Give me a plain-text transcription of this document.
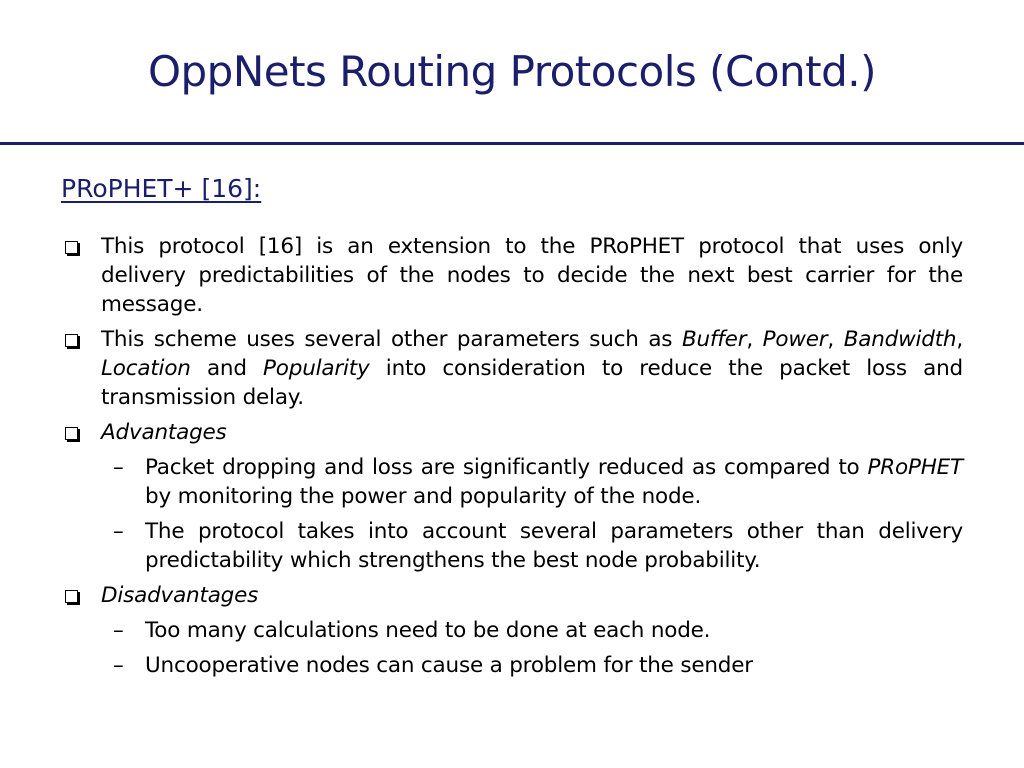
OppNets Routing Protocols (Contd.)
PRoPHET+ [16]:
This protocol [16] is an extension to the PRoPHET protocol that uses only delivery predictabilities of the nodes to decide the next best carrier for the message.
This scheme uses several other parameters such as Buffer, Power, Bandwidth, Location and Popularity into consideration to reduce the packet loss and transmission delay.
Advantages
– Packet dropping and loss are significantly reduced as compared to PRoPHET by monitoring the power and popularity of the node.
– The protocol takes into account several parameters other than delivery predictability which strengthens the best node probability.
Disadvantages
– Too many calculations need to be done at each node.
– Uncooperative nodes can cause a problem for the sender
